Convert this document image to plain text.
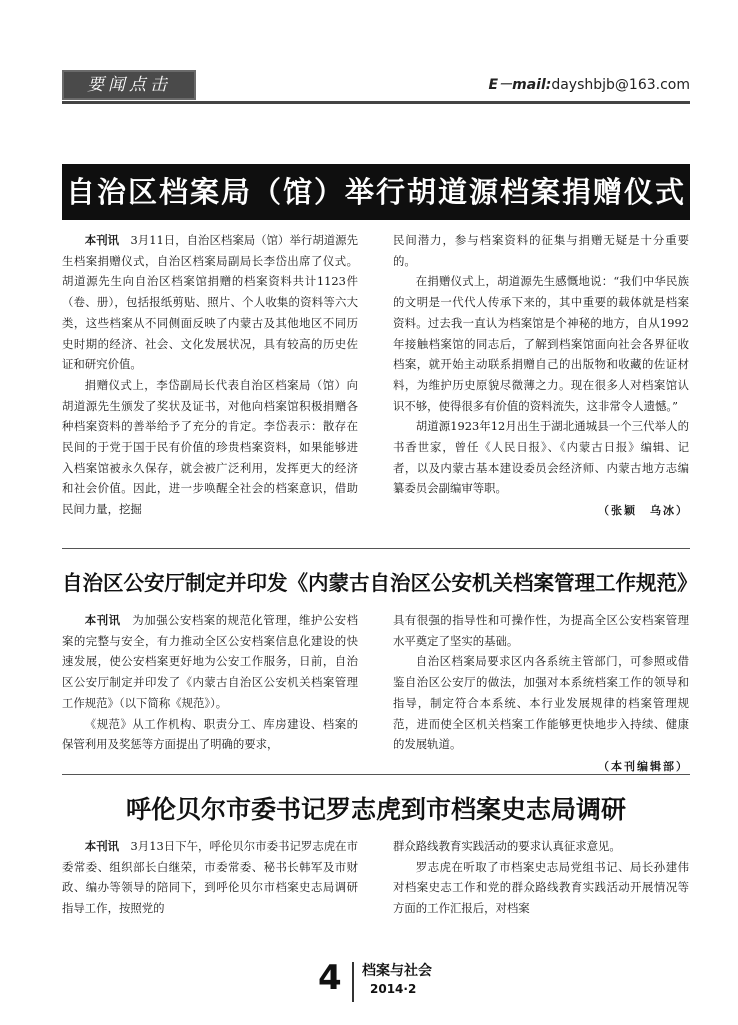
要闻点击	E－mail:dayshbjb@163.com
自治区档案局（馆）举行胡道源档案捐赠仪式

本刊讯　3月11日，自治区档案局（馆）举行胡道源先生档案捐赠仪式，自治区档案局副局长李岱出席了仪式。胡道源先生向自治区档案馆捐赠的档案资料共计1123件（卷、册），包括报纸剪贴、照片、个人收集的资料等六大类，这些档案从不同侧面反映了内蒙古及其他地区不同历史时期的经济、社会、文化发展状况，具有较高的历史佐证和研究价值。

捐赠仪式上，李岱副局长代表自治区档案局（馆）向胡道源先生颁发了奖状及证书，对他向档案馆积极捐赠各种档案资料的善举给予了充分的肯定。李岱表示：散存在民间的于党于国于民有价值的珍贵档案资料，如果能够进入档案馆被永久保存，就会被广泛利用，发挥更大的经济和社会价值。因此，进一步唤醒全社会的档案意识，借助民间力量，挖掘

民间潜力，参与档案资料的征集与捐赠无疑是十分重要的。

在捐赠仪式上，胡道源先生感慨地说：“我们中华民族的文明是一代代人传承下来的，其中重要的载体就是档案资料。过去我一直认为档案馆是个神秘的地方，自从1992年接触档案馆的同志后，了解到档案馆面向社会各界征收档案，就开始主动联系捐赠自己的出版物和收藏的佐证材料，为维护历史原貌尽微薄之力。现在很多人对档案馆认识不够，使得很多有价值的资料流失，这非常令人遗憾。”

胡道源1923年12月出生于湖北通城县一个三代举人的书香世家，曾任《人民日报》、《内蒙古日报》编辑、记者，以及内蒙古基本建设委员会经济师、内蒙古地方志编纂委员会副编审等职。

（张颖　乌冰）
自治区公安厅制定并印发《内蒙古自治区公安机关档案管理工作规范》

本刊讯　为加强公安档案的规范化管理，维护公安档案的完整与安全，有力推动全区公安档案信息化建设的快速发展，使公安档案更好地为公安工作服务，日前，自治区公安厅制定并印发了《内蒙古自治区公安机关档案管理工作规范》（以下简称《规范》）。

《规范》从工作机构、职责分工、库房建设、档案的保管利用及奖惩等方面提出了明确的要求，

具有很强的指导性和可操作性，为提高全区公安档案管理水平奠定了坚实的基础。

自治区档案局要求区内各系统主管部门，可参照或借鉴自治区公安厅的做法，加强对本系统档案工作的领导和指导，制定符合本系统、本行业发展规律的档案管理规范，进而使全区机关档案工作能够更快地步入持续、健康的发展轨道。

（本刊编辑部）
呼伦贝尔市委书记罗志虎到市档案史志局调研

本刊讯　3月13日下午，呼伦贝尔市委书记罗志虎在市委常委、组织部长白继荣，市委常委、秘书长韩军及市财政、编办等领导的陪同下，到呼伦贝尔市档案史志局调研指导工作，按照党的

群众路线教育实践活动的要求认真征求意见。

罗志虎在听取了市档案史志局党组书记、局长孙建伟对档案史志工作和党的群众路线教育实践活动开展情况等方面的工作汇报后，对档案

4 档案与社会
2014·2
